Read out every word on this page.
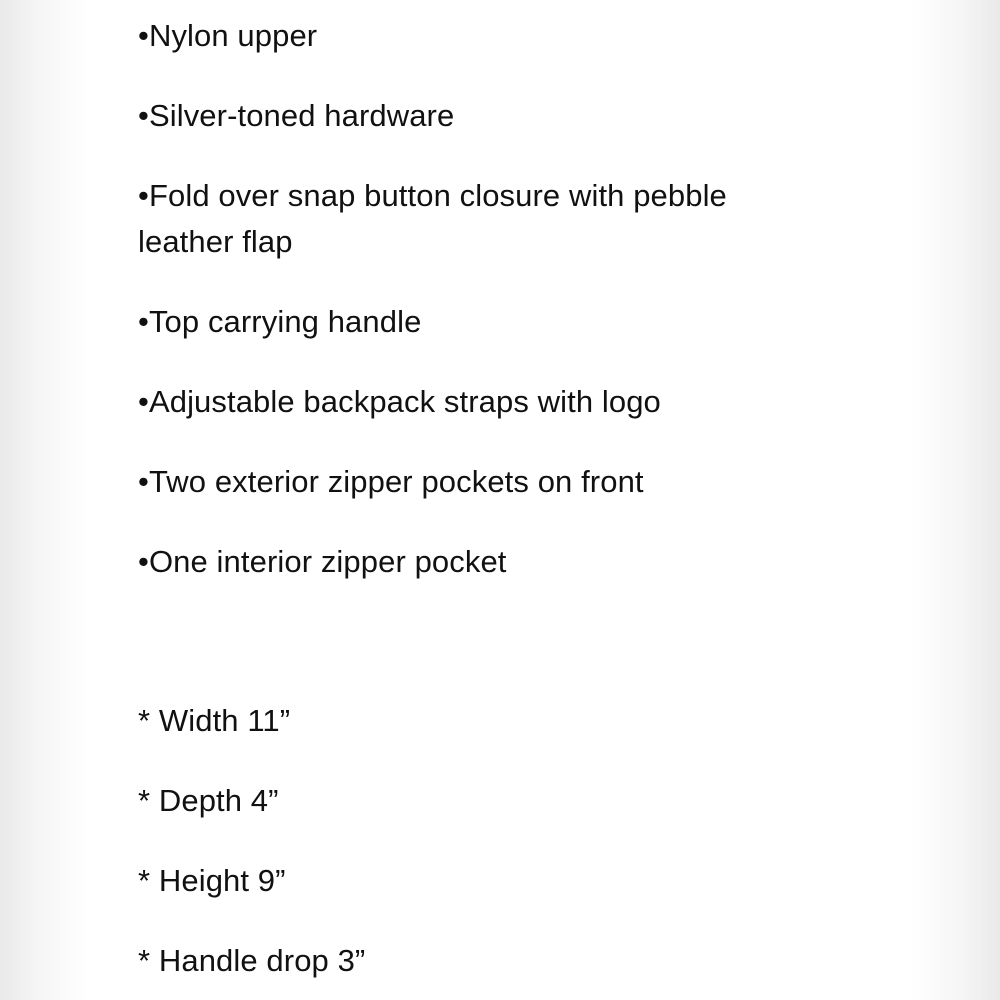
•Nylon upper
•Silver-toned hardware
•Fold over snap button closure with pebble
leather flap
•Top carrying handle
•Adjustable backpack straps with logo
•Two exterior zipper pockets on front
•One interior zipper pocket
* Width 11”
* Depth 4”
* Height 9”
* Handle drop 3”
